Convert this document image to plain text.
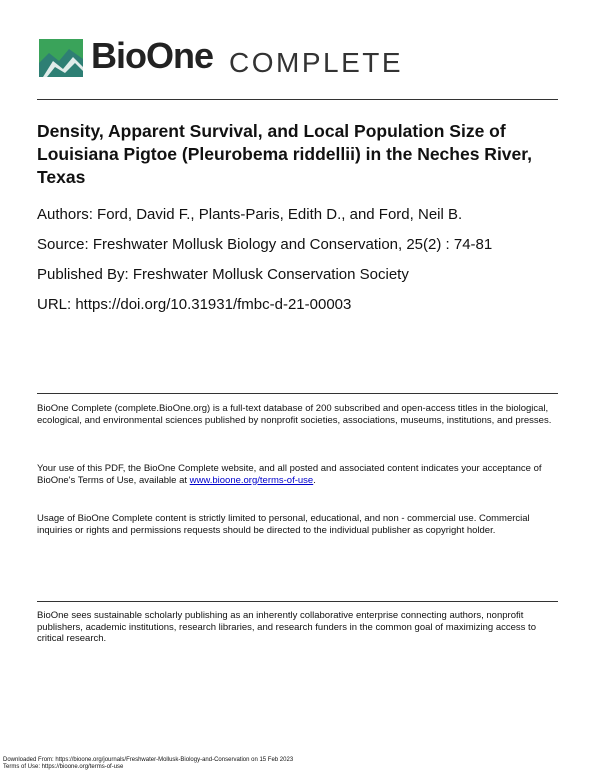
BioOne COMPLETE
Density, Apparent Survival, and Local Population Size of Louisiana Pigtoe (Pleurobema riddellii) in the Neches River, Texas
Authors: Ford, David F., Plants-Paris, Edith D., and Ford, Neil B.
Source: Freshwater Mollusk Biology and Conservation, 25(2) : 74-81
Published By: Freshwater Mollusk Conservation Society
URL: https://doi.org/10.31931/fmbc-d-21-00003
BioOne Complete (complete.BioOne.org) is a full-text database of 200 subscribed and open-access titles in the biological, ecological, and environmental sciences published by nonprofit societies, associations, museums, institutions, and presses.
Your use of this PDF, the BioOne Complete website, and all posted and associated content indicates your acceptance of BioOne's Terms of Use, available at www.bioone.org/terms-of-use.
Usage of BioOne Complete content is strictly limited to personal, educational, and non - commercial use. Commercial inquiries or rights and permissions requests should be directed to the individual publisher as copyright holder.
BioOne sees sustainable scholarly publishing as an inherently collaborative enterprise connecting authors, nonprofit publishers, academic institutions, research libraries, and research funders in the common goal of maximizing access to critical research.
Downloaded From: https://bioone.org/journals/Freshwater-Mollusk-Biology-and-Conservation on 15 Feb 2023
Terms of Use: https://bioone.org/terms-of-use
